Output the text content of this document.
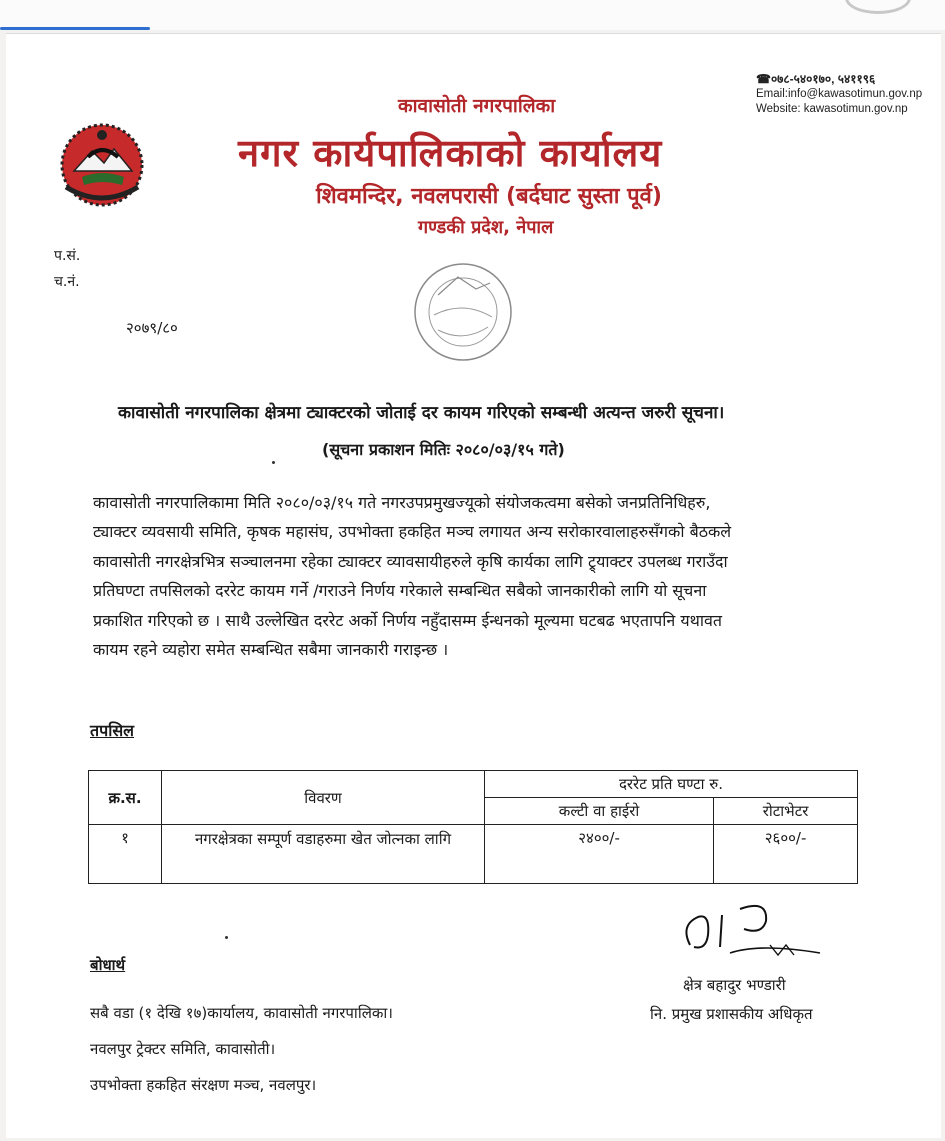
☎०७८-५४०१७०, ५४११९६
Email:info@kawasotimun.gov.np
Website: kawasotimun.gov.np
कावासोती नगरपालिका
नगर कार्यपालिकाको कार्यालय
शिवमन्दिर, नवलपरासी (बर्दघाट सुस्ता पूर्व)
गण्डकी प्रदेश, नेपाल
प.सं.
च.नं.
२०७९/८०
कावासोती नगरपालिका क्षेत्रमा ट्याक्टरको जोताई दर कायम गरिएको सम्बन्धी अत्यन्त जरुरी सूचना।
(सूचना प्रकाशन मितिः २०८०/०३/१५ गते)
कावासोती नगरपालिकामा मिति २०८०/०३/१५ गते नगरउपप्रमुखज्यूको संयोजकत्वमा बसेको जनप्रतिनिधिहरु,
ट्याक्टर व्यवसायी समिति, कृषक महासंघ, उपभोक्ता हकहित मञ्च लगायत अन्य सरोकारवालाहरुसँगको बैठकले
कावासोती नगरक्षेत्रभित्र सञ्चालनमा रहेका ट्याक्टर व्यावसायीहरुले कृषि कार्यका लागि ट्र्याक्टर उपलब्ध गराउँदा
प्रतिघण्टा तपसिलको दररेट कायम गर्ने /गराउने निर्णय गरेकाले सम्बन्धित सबैको जानकारीको लागि यो सूचना
प्रकाशित गरिएको छ । साथै उल्लेखित दररेट अर्को निर्णय नहुँदासम्म ईन्धनको मूल्यमा घटबढ भएतापनि यथावत
कायम रहने व्यहोरा समेत सम्बन्धित सबैमा जानकारी गराइन्छ ।
तपसिल
क्र.स.	विवरण	दररेट प्रति घण्टा रु.	
		कल्टी वा हाईरो	रोटाभेटर
१	नगरक्षेत्रका सम्पूर्ण वडाहरुमा खेत जोत्नका लागि	२४००/-	२६००/-
क्षेत्र बहादुर भण्डारी
नि. प्रमुख प्रशासकीय अधिकृत
बोधार्थ
सबै वडा (१ देखि १७)कार्यालय, कावासोती नगरपालिका।
नवलपुर ट्रेक्टर समिति, कावासोती।
उपभोक्ता हकहित संरक्षण मञ्च, नवलपुर।
